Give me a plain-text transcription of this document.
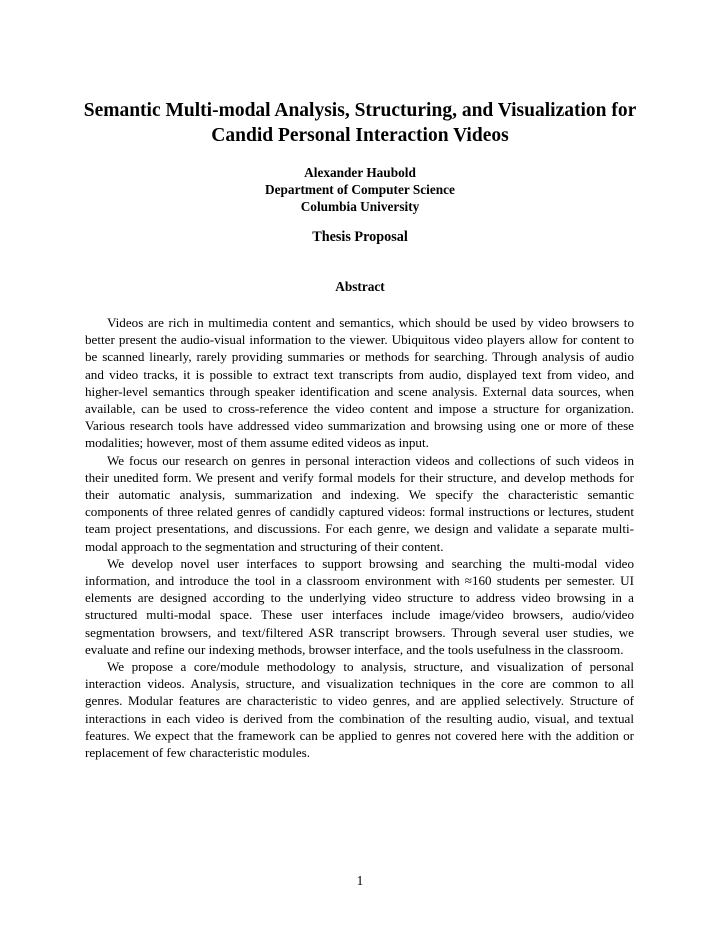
Semantic Multi-modal Analysis, Structuring, and Visualization for
Candid Personal Interaction Videos
Alexander Haubold
Department of Computer Science
Columbia University
Thesis Proposal
Abstract

Videos are rich in multimedia content and semantics, which should be used by video browsers to better present the audio-visual information to the viewer. Ubiquitous video players allow for content to be scanned linearly, rarely providing summaries or methods for searching. Through analysis of audio and video tracks, it is possible to extract text transcripts from audio, displayed text from video, and higher-level semantics through speaker identification and scene analysis. External data sources, when available, can be used to cross-reference the video content and impose a structure for organization. Various research tools have addressed video summarization and browsing using one or more of these modalities; however, most of them assume edited videos as input.

We focus our research on genres in personal interaction videos and collections of such videos in their unedited form. We present and verify formal models for their structure, and develop methods for their automatic analysis, summarization and indexing. We specify the characteristic semantic components of three related genres of candidly captured videos: formal instructions or lectures, student team project presentations, and discussions. For each genre, we design and validate a separate multi-modal approach to the segmentation and structuring of their content.

We develop novel user interfaces to support browsing and searching the multi-modal video information, and introduce the tool in a classroom environment with ≈160 students per semester. UI elements are designed according to the underlying video structure to address video browsing in a structured multi-modal space. These user interfaces include image/video browsers, audio/video segmentation browsers, and text/filtered ASR transcript browsers. Through several user studies, we evaluate and refine our indexing methods, browser interface, and the tools usefulness in the classroom.

We propose a core/module methodology to analysis, structure, and visualization of personal interaction videos. Analysis, structure, and visualization techniques in the core are common to all genres. Modular features are characteristic to video genres, and are applied selectively. Structure of interactions in each video is derived from the combination of the resulting audio, visual, and textual features. We expect that the framework can be applied to genres not covered here with the addition or replacement of few characteristic modules.

1
